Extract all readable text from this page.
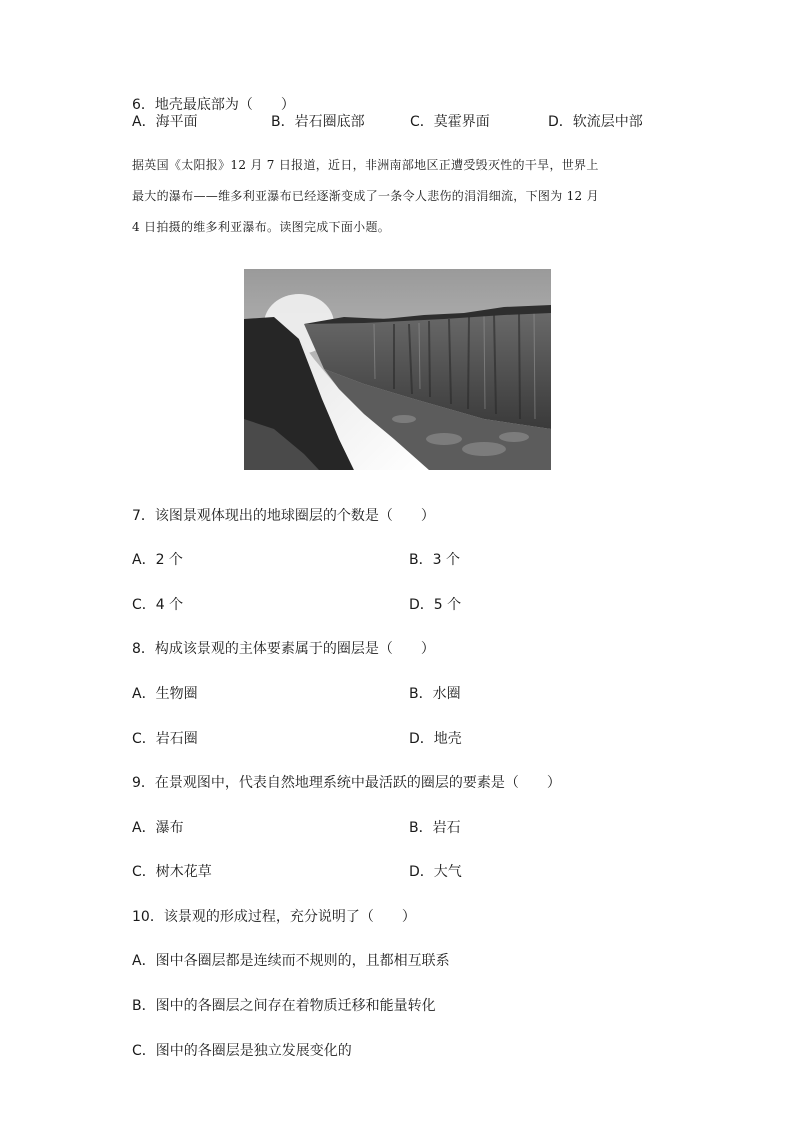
6．地壳最底部为（　　）
A．海平面	B．岩石圈底部	C．莫霍界面	D．软流层中部
据英国《太阳报》12 月 7 日报道，近日，非洲南部地区正遭受毁灭性的干旱，世界上
最大的瀑布——维多利亚瀑布已经逐渐变成了一条令人悲伤的涓涓细流，下图为 12 月
4 日拍摄的维多利亚瀑布。读图完成下面小题。
7．该图景观体现出的地球圈层的个数是（　　）
A．2 个	B．3 个
C．4 个	D．5 个
8．构成该景观的主体要素属于的圈层是（　　）
A．生物圈	B．水圈
C．岩石圈	D．地壳
9．在景观图中，代表自然地理系统中最活跃的圈层的要素是（　　）
A．瀑布	B．岩石
C．树木花草	D．大气
10．该景观的形成过程，充分说明了（　　）
A．图中各圈层都是连续而不规则的，且都相互联系
B．图中的各圈层之间存在着物质迁移和能量转化
C．图中的各圈层是独立发展变化的
